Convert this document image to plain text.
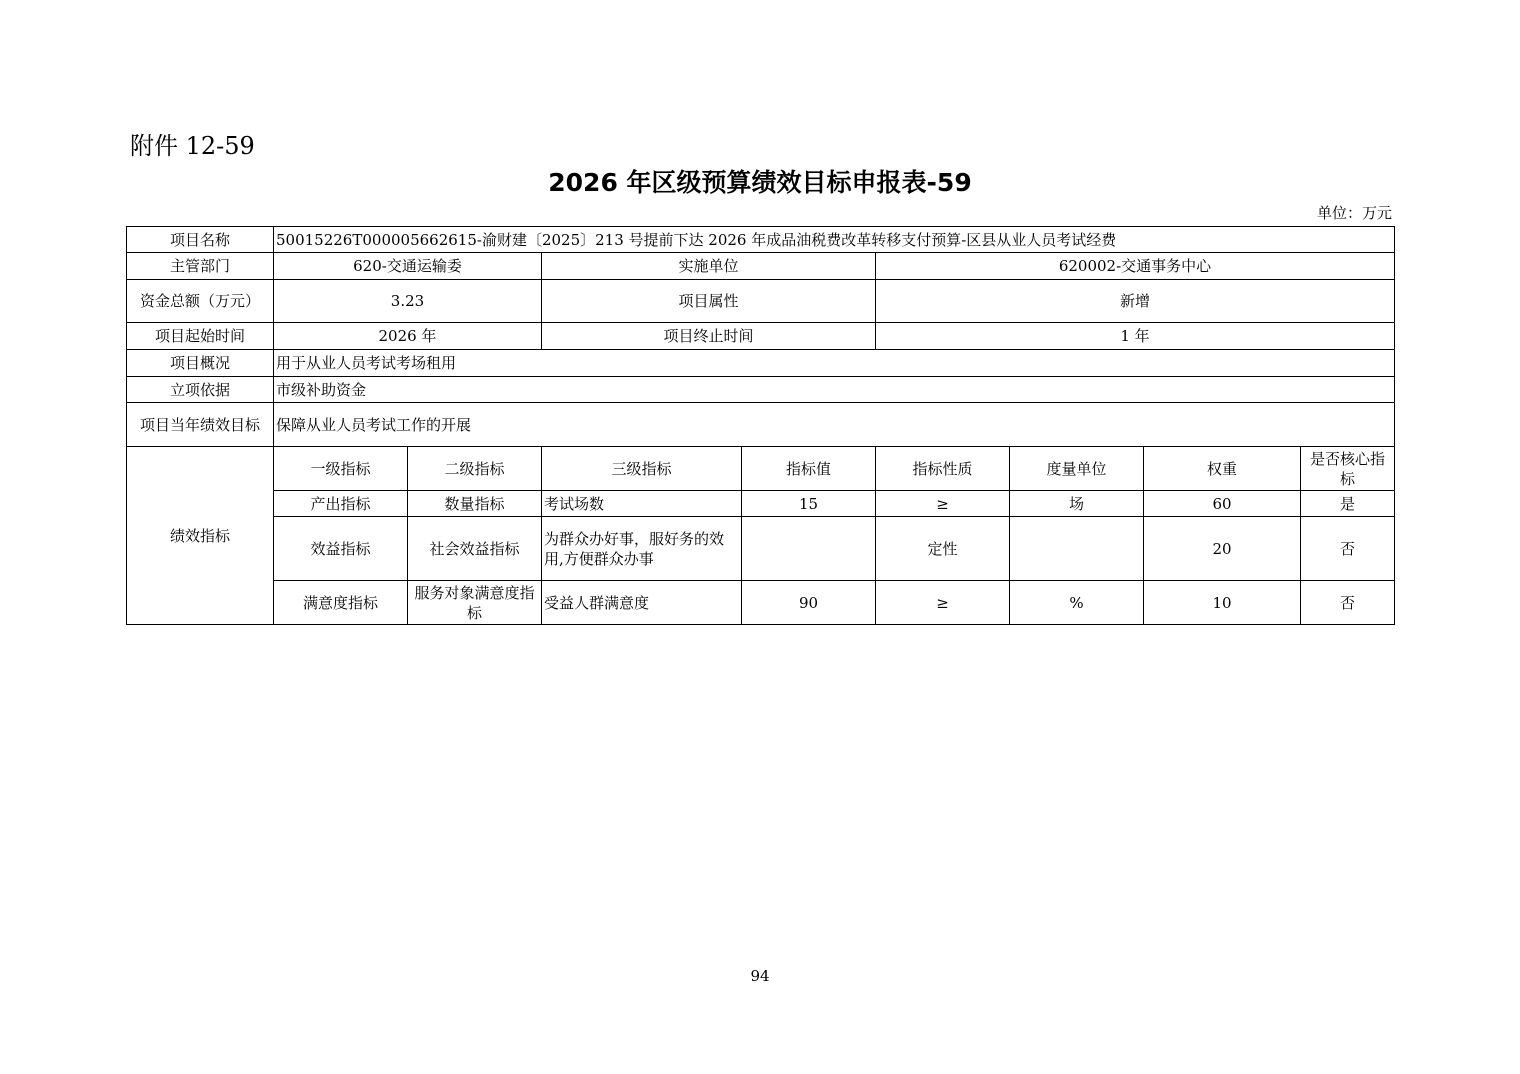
附件 12-59
2026 年区级预算绩效目标申报表-59
单位：万元
项目名称	50015226T000005662615-渝财建〔2025〕213 号提前下达 2026 年成品油税费改革转移支付预算-区县从业人员考试经费							
主管部门	620-交通运输委		实施单位		620002-交通事务中心			
资金总额（万元）	3.23		项目属性		新增			
项目起始时间	2026 年		项目终止时间		1 年			
项目概况	用于从业人员考试考场租用							
立项依据	市级补助资金							
项目当年绩效目标	保障从业人员考试工作的开展							
绩效指标	一级指标	二级指标	三级指标	指标值	指标性质	度量单位	权重	是否核心指标
	产出指标	数量指标	考试场数	15	≥	场	60	是
	效益指标	社会效益指标	为群众办好事，服好务的效用,方便群众办事		定性		20	否
	满意度指标	服务对象满意度指标	受益人群满意度	90	≥	%	10	否
94
